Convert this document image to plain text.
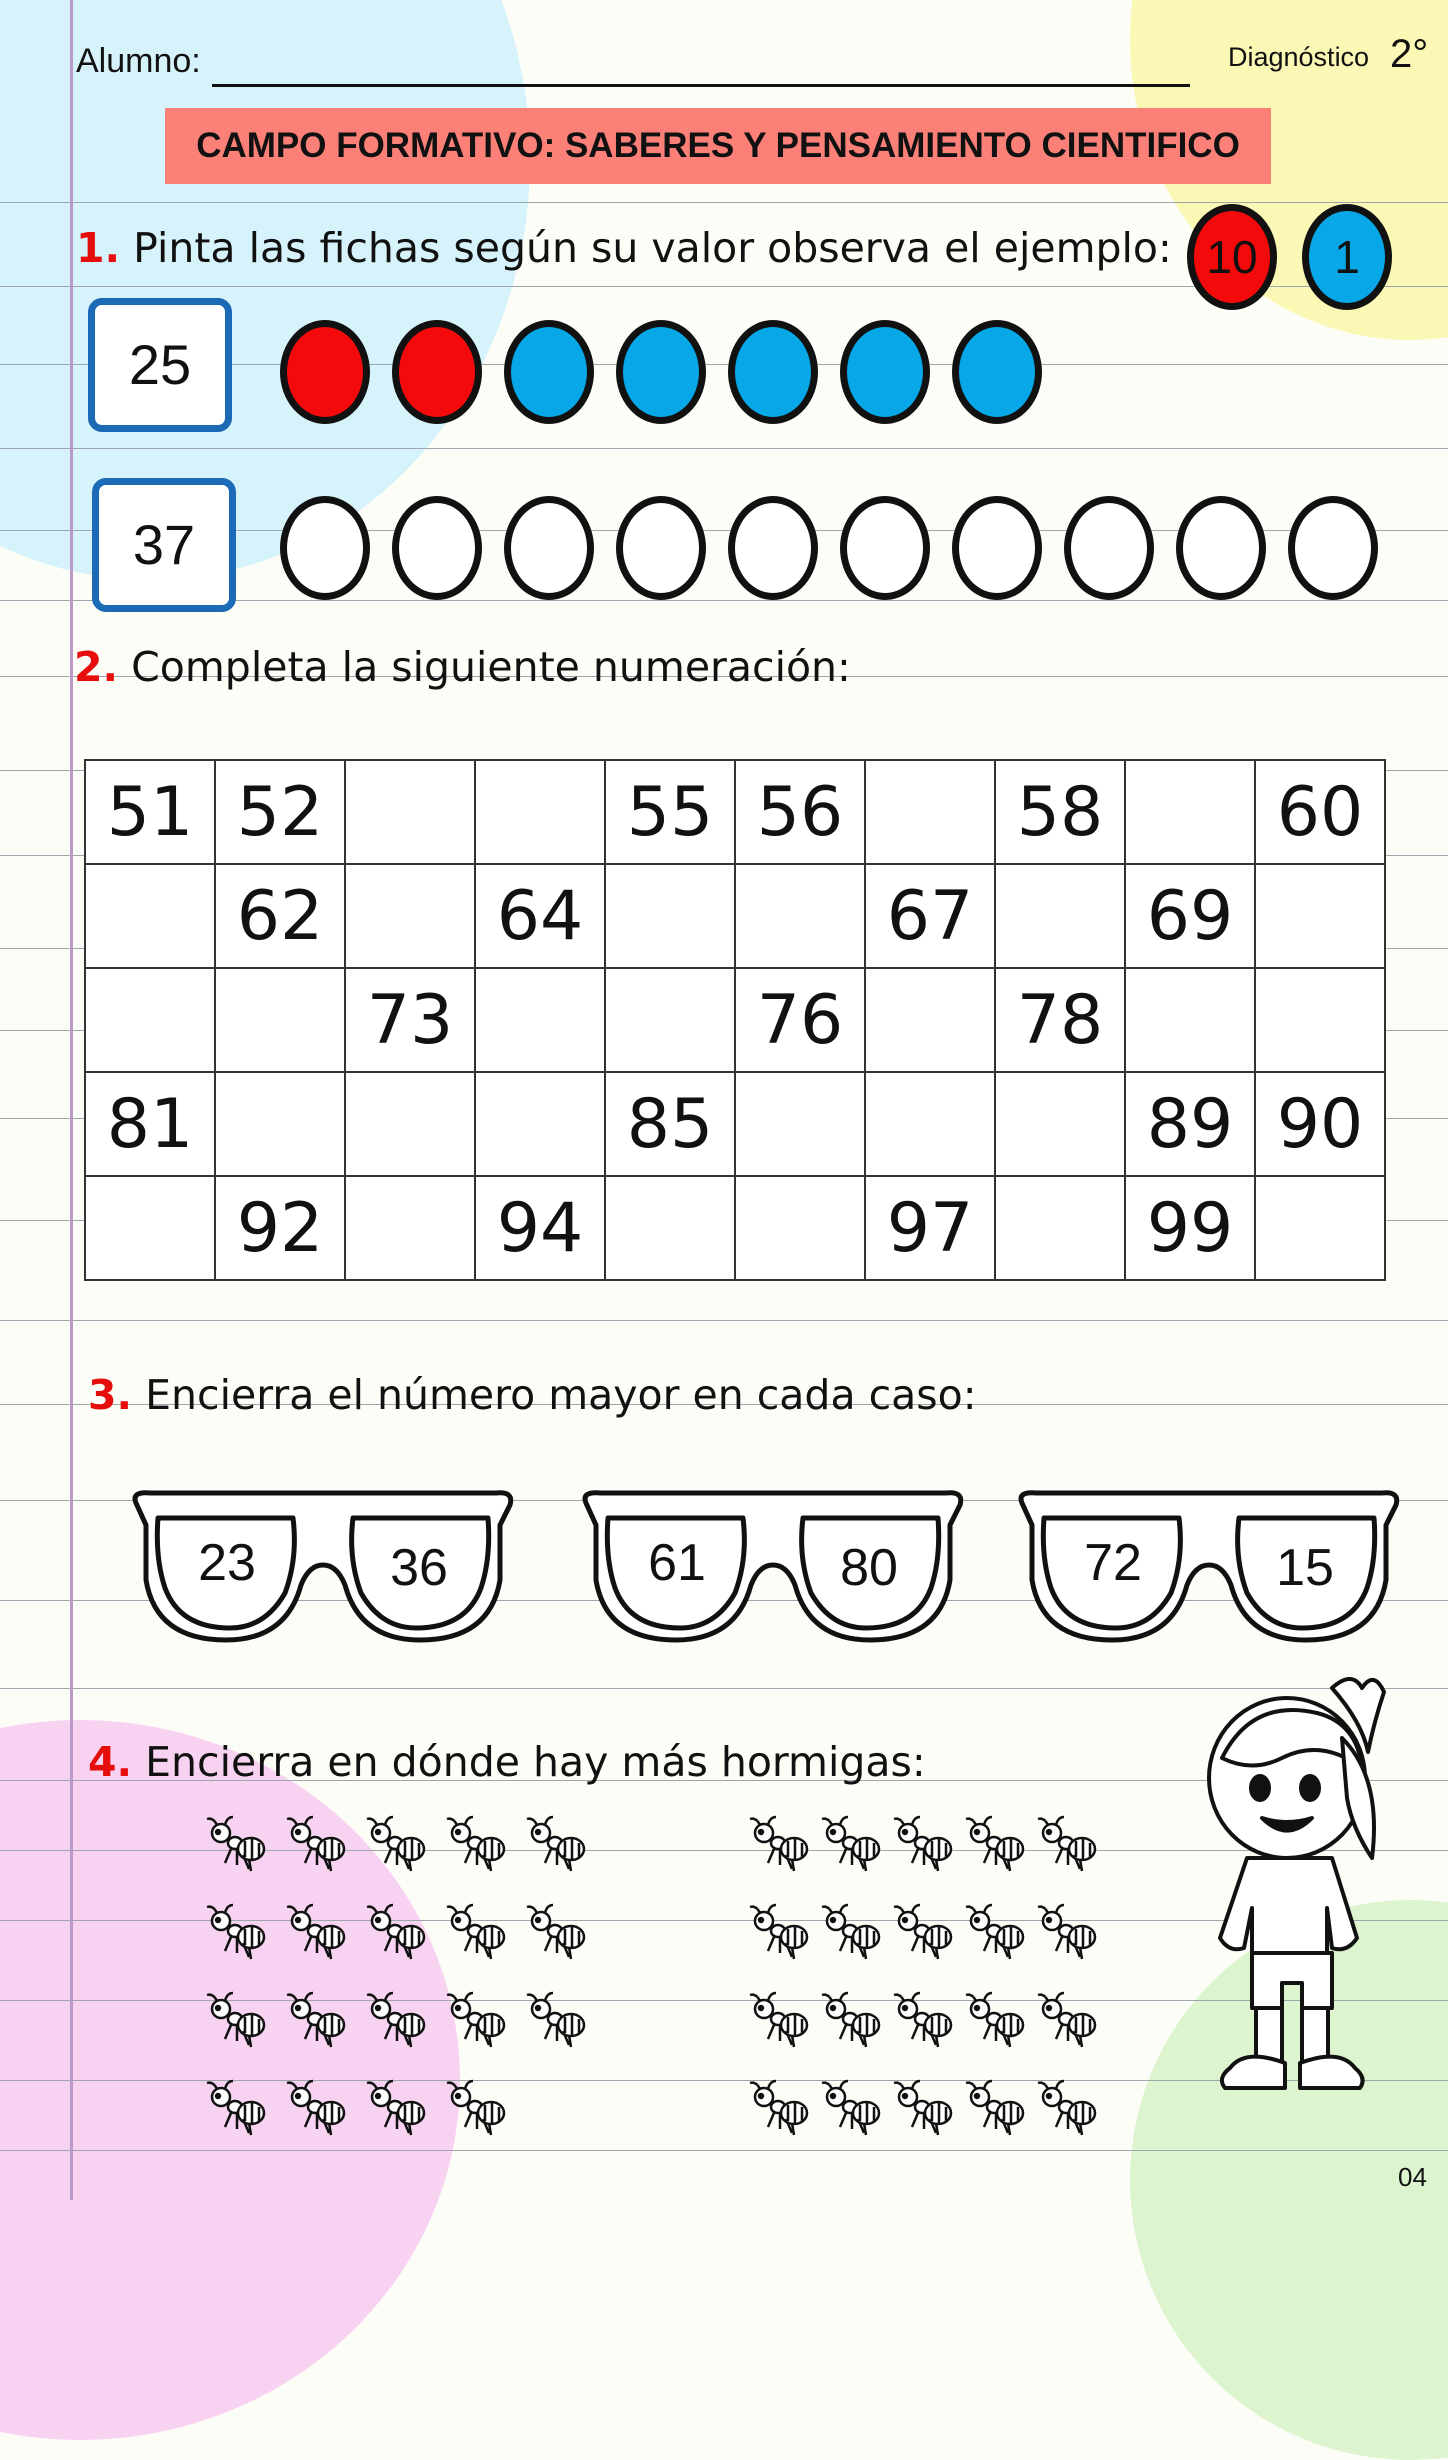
Alumno:	Diagnóstico 2°
CAMPO FORMATIVO: SABERES Y PENSAMIENTO CIENTIFICO
1. Pinta las fichas según su valor observa el ejemplo: 10	1
25
37
2. Completa la siguiente numeración:
51	52			55	56		58		60
	62		64			67		69	
		73			76		78		
81				85				89	90
	92		94			97		99	
3. Encierra el número mayor en cada caso:
4. Encierra en dónde hay más hormigas:
04
23	36	61	80	72	15
